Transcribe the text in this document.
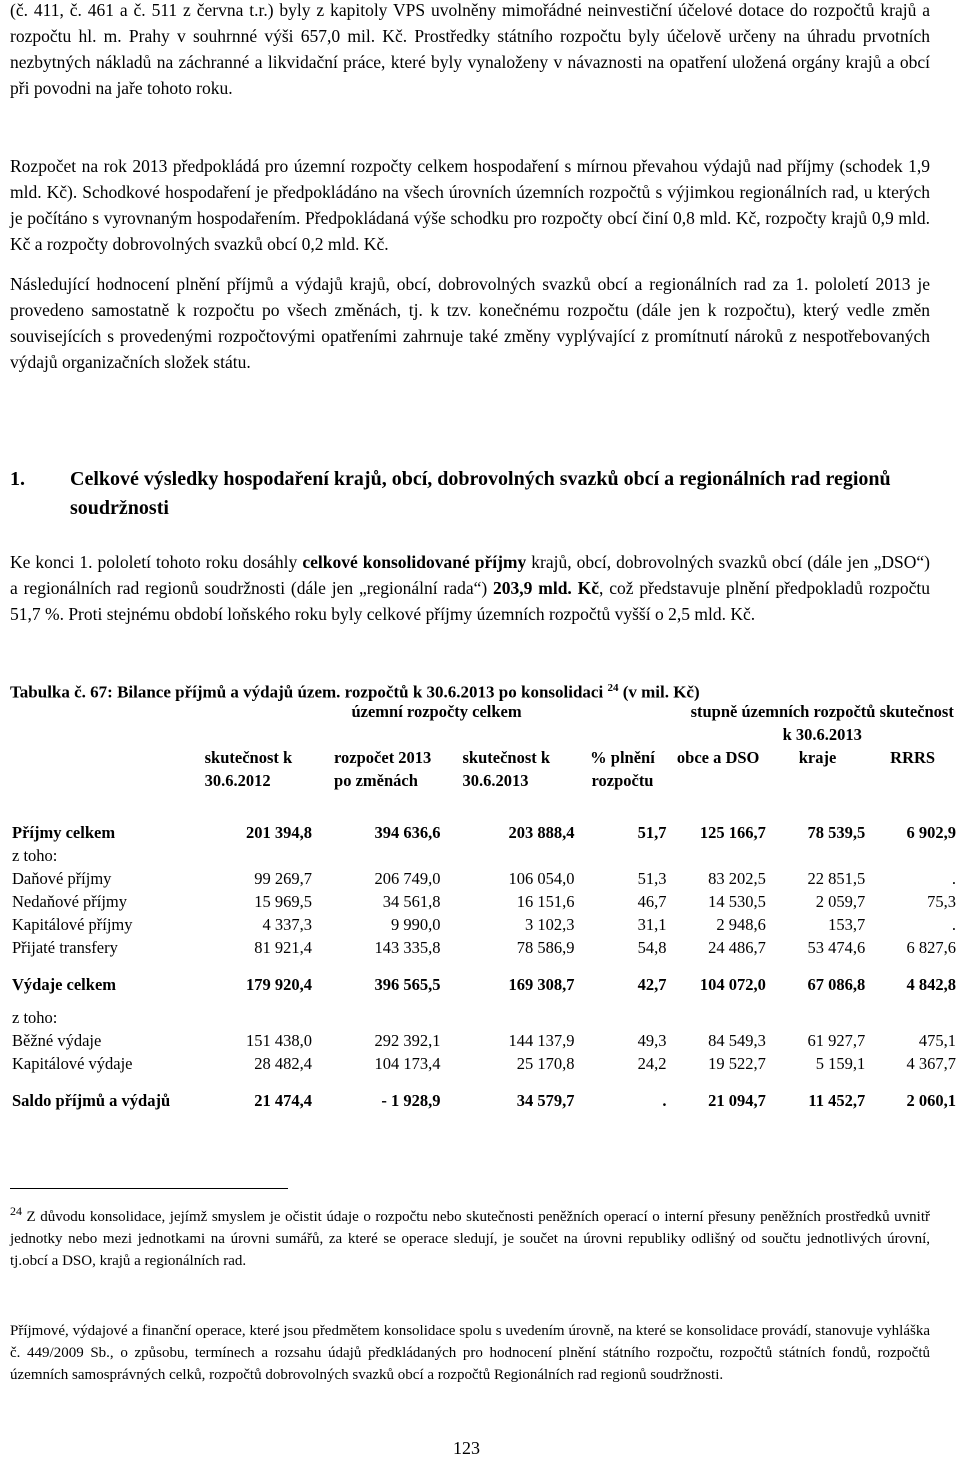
(č. 411, č. 461 a č. 511 z června t.r.) byly z kapitoly VPS uvolněny mimořádné neinvestiční účelové dotace do rozpočtů krajů a rozpočtu hl. m. Prahy v souhrnné výši 657,0 mil. Kč. Prostředky státního rozpočtu byly účelově určeny na úhradu prvotních nezbytných nákladů na záchranné a likvidační práce, které byly vynaloženy v návaznosti na opatření uložená orgány krajů a obcí při povodni na jaře tohoto roku.

Rozpočet na rok 2013 předpokládá pro územní rozpočty celkem hospodaření s mírnou převahou výdajů nad příjmy (schodek 1,9 mld. Kč). Schodkové hospodaření je předpokládáno na všech úrovních územních rozpočtů s výjimkou regionálních rad, u kterých je počítáno s vyrovnaným hospodařením. Předpokládaná výše schodku pro rozpočty obcí činí 0,8 mld. Kč, rozpočty krajů 0,9 mld. Kč a rozpočty dobrovolných svazků obcí 0,2 mld. Kč.

Následující hodnocení plnění příjmů a výdajů krajů, obcí, dobrovolných svazků obcí a regionálních rad za 1. pololetí 2013 je provedeno samostatně k rozpočtu po všech změnách, tj. k tzv. konečnému rozpočtu (dále jen k rozpočtu), který vedle změn souvisejících s provedenými rozpočtovými opatřeními zahrnuje také změny vyplývající z promítnutí nároků z nespotřebovaných výdajů organizačních složek státu.

1. Celkové výsledky hospodaření krajů, obcí, dobrovolných svazků obcí a regionálních rad regionů soudržnosti

Ke konci 1. pololetí tohoto roku dosáhly celkové konsolidované příjmy krajů, obcí, dobrovolných svazků obcí (dále jen „DSO“) a regionálních rad regionů soudržnosti (dále jen „regionální rada“) 203,9 mld. Kč, což představuje plnění předpokladů rozpočtu 51,7 %. Proti stejnému období loňského roku byly celkové příjmy územních rozpočtů vyšší o 2,5 mld. Kč.

Tabulka č. 67: Bilance příjmů a výdajů územ. rozpočtů k 30.6.2013 po konsolidaci $^{24}$ (v mil. Kč)
	územní rozpočty celkem				stupně územních rozpočtů skutečnost k 30.6.2013		
	skutečnost k 30.6.2012	rozpočet 2013 po změnách	skutečnost k 30.6.2013	% plnění rozpočtu	obce a DSO	kraje	RRRS
Příjmy celkem	201 394,8	394 636,6	203 888,4	51,7	125 166,7	78 539,5	6 902,9
z toho:							
Daňové příjmy	99 269,7	206 749,0	106 054,0	51,3	83 202,5	22 851,5	.
Nedaňové příjmy	15 969,5	34 561,8	16 151,6	46,7	14 530,5	2 059,7	75,3
Kapitálové příjmy	4 337,3	9 990,0	3 102,3	31,1	2 948,6	153,7	.
Přijaté transfery	81 921,4	143 335,8	78 586,9	54,8	24 486,7	53 474,6	6 827,6
Výdaje celkem	179 920,4	396 565,5	169 308,7	42,7	104 072,0	67 086,8	4 842,8
z toho:							
Běžné výdaje	151 438,0	292 392,1	144 137,9	49,3	84 549,3	61 927,7	475,1
Kapitálové výdaje	28 482,4	104 173,4	25 170,8	24,2	19 522,7	5 159,1	4 367,7
Saldo příjmů a výdajů	21 474,4	- 1 928,9	34 579,7	.	21 094,7	11 452,7	2 060,1

$^{24}$ Z důvodu konsolidace, jejímž smyslem je očistit údaje o rozpočtu nebo skutečnosti peněžních operací o interní přesuny peněžních prostředků uvnitř jednotky nebo mezi jednotkami na úrovni sumářů, za které se operace sledují, je součet na úrovni republiky odlišný od součtu jednotlivých úrovní, tj.obcí a DSO, krajů a regionálních rad.

Příjmové, výdajové a finanční operace, které jsou předmětem konsolidace spolu s uvedením úrovně, na které se konsolidace provádí, stanovuje vyhláška č. 449/2009 Sb., o způsobu, termínech a rozsahu údajů předkládaných pro hodnocení plnění státního rozpočtu, rozpočtů státních fondů, rozpočtů územních samosprávných celků, rozpočtů dobrovolných svazků obcí a rozpočtů Regionálních rad regionů soudržnosti.

123
